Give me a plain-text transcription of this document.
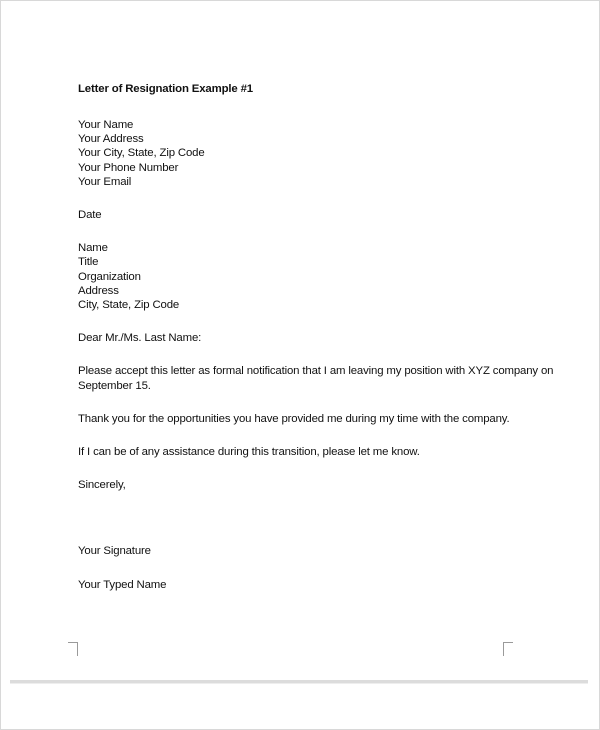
Letter of Resignation Example #1
Your Name
Your Address
Your City, State, Zip Code
Your Phone Number
Your Email
Date
Name
Title
Organization
Address
City, State, Zip Code
Dear Mr./Ms. Last Name:
Please accept this letter as formal notification that I am leaving my position with XYZ company on
September 15.
Thank you for the opportunities you have provided me during my time with the company.
If I can be of any assistance during this transition, please let me know.
Sincerely,
Your Signature
Your Typed Name
